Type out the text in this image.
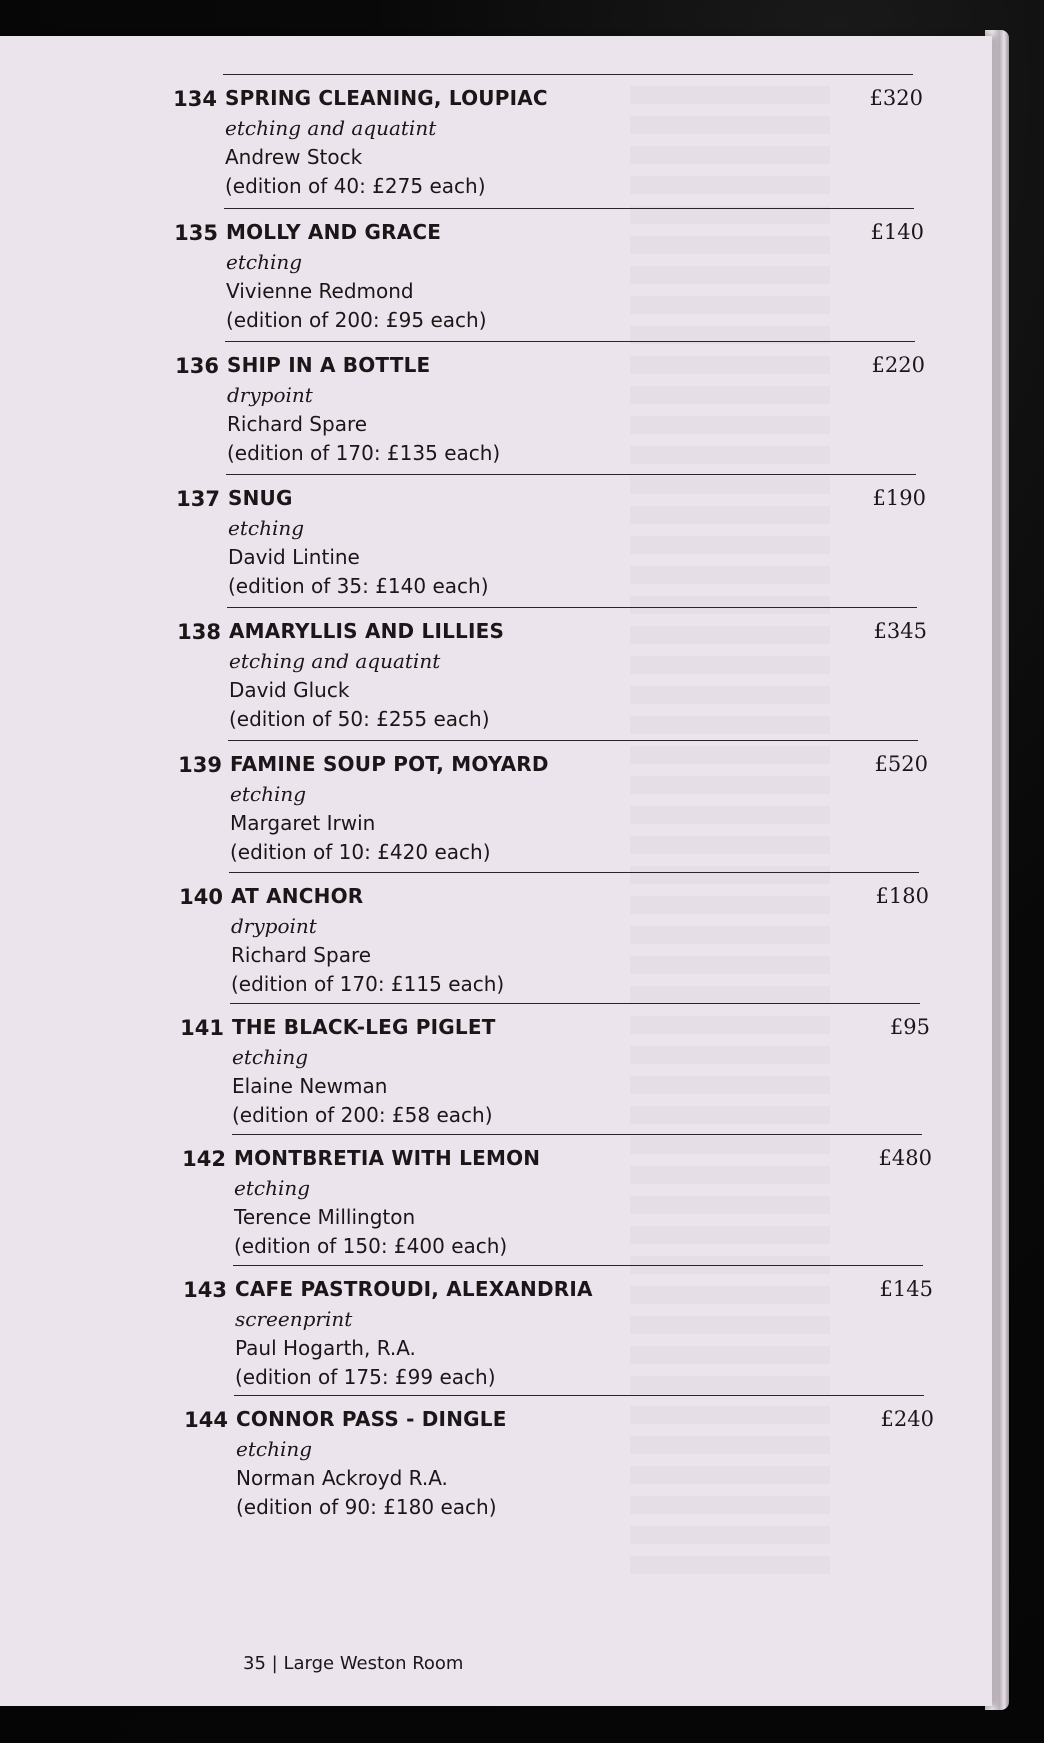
134 SPRING CLEANING, LOUPIAC
etching and aquatint
Andrew Stock
(edition of 40: £275 each)
£320
135 MOLLY AND GRACE
etching
Vivienne Redmond
(edition of 200: £95 each)
£140
136 SHIP IN A BOTTLE
drypoint
Richard Spare
(edition of 170: £135 each)
£220
137 SNUG
etching
David Lintine
(edition of 35: £140 each)
£190
138 AMARYLLIS AND LILLIES
etching and aquatint
David Gluck
(edition of 50: £255 each)
£345
139 FAMINE SOUP POT, MOYARD
etching
Margaret Irwin
(edition of 10: £420 each)
£520
140 AT ANCHOR
drypoint
Richard Spare
(edition of 170: £115 each)
£180
141 THE BLACK-LEG PIGLET
etching
Elaine Newman
(edition of 200: £58 each)
£95
142 MONTBRETIA WITH LEMON
etching
Terence Millington
(edition of 150: £400 each)
£480
143 CAFE PASTROUDI, ALEXANDRIA
screenprint
Paul Hogarth, R.A.
(edition of 175: £99 each)
£145
144 CONNOR PASS - DINGLE
etching
Norman Ackroyd R.A.
(edition of 90: £180 each)
£240
35 | Large Weston Room
